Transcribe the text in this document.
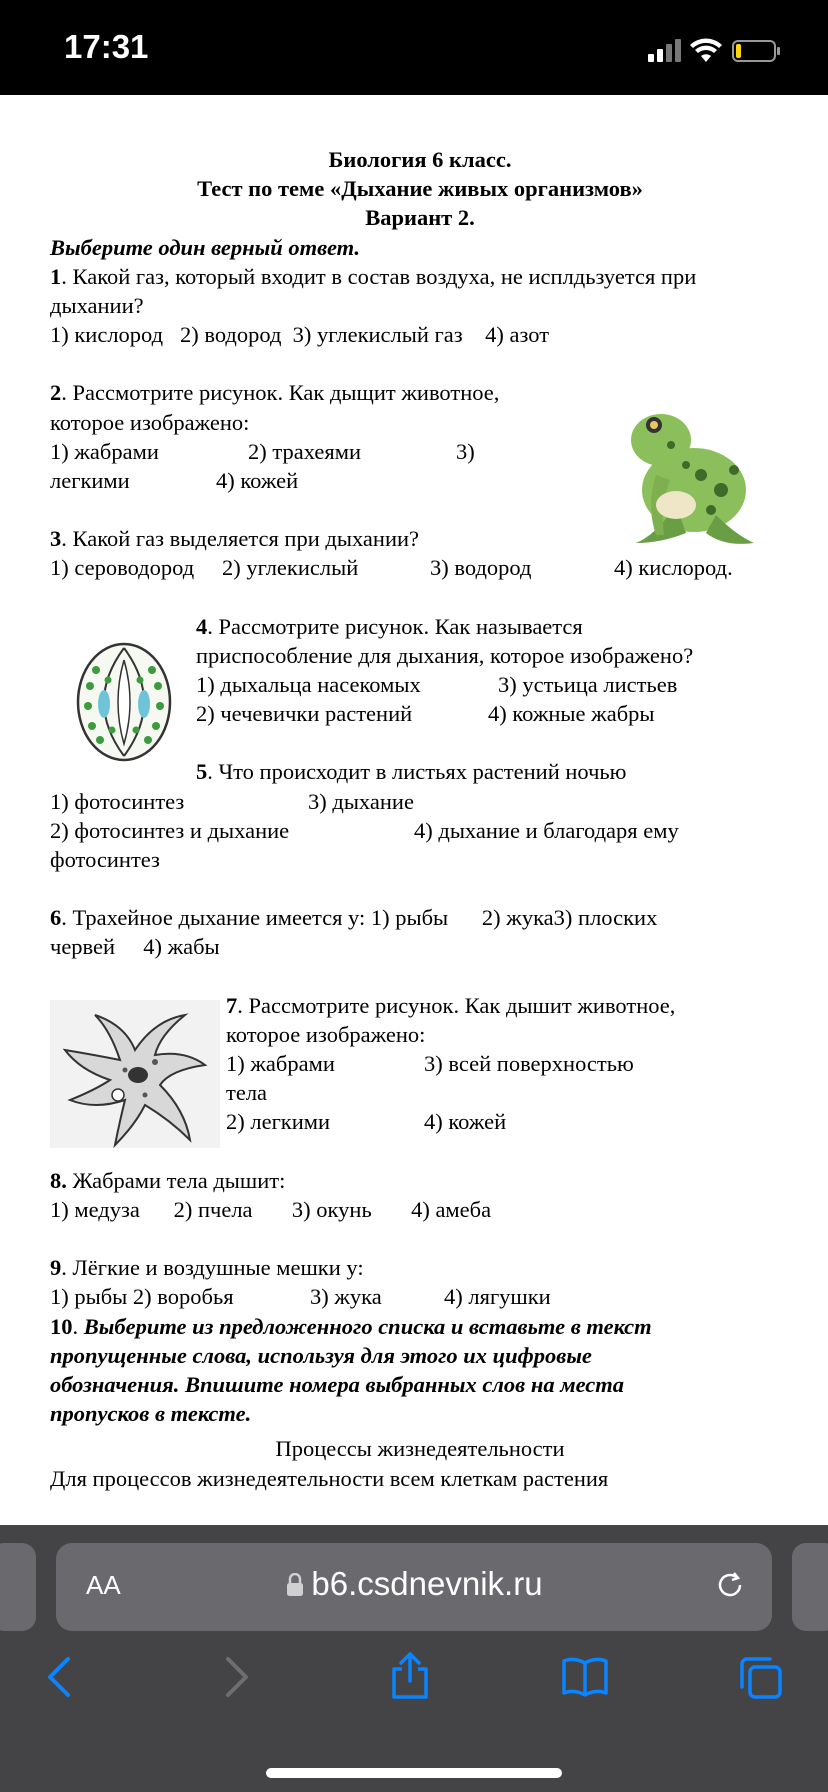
17:31

Биология 6 класс.

Тест по теме «Дыхание живых организмов»

Вариант 2.

Выберите один верный ответ.

1. Какой газ, который входит в состав воздуха, не исплдьзуется при дыхании?

1) кислород   2) водород  3) углекислый газ    4) азот

2. Рассмотрите рисунок. Как дыщит животное,

которое изображено:

1) жабрами	2) трахеями	3)

легкими	4) кожей

3. Какой газ выделяется при дыхании?

1) сероводород 2) углекислый	3) водород	4) кислород.

4. Рассмотрите рисунок. Как называется

приспособление для дыхания, которое изображено?

1) дыхальца насекомых	3) устьица листьев

2) чечевички растений	4) кожные жабры

5. Что происходит в листьях растений ночью

1) фотосинтез	3) дыхание

2) фотосинтез и дыхание	4) дыхание и благодаря ему

фотосинтез

6. Трахейное дыхание имеется у: 1) рыбы      2) жука3) плоских

червей     4) жабы

7. Рассмотрите рисунок. Как дышит животное,

которое изображено:

1) жабрами	3) всей поверхностью

тела

2) легкими	4) кожей

8. Жабрами тела дышит:

1) медуза      2) пчела       3) окунь       4) амеба

9. Лёгкие и воздушные мешки у:

1) рыбы 2) воробья	3) жука	4) лягушки

10. Выберите из предложенного списка и вставьте в текст

пропущенные слова, используя для этого их цифровые

обозначения. Впишите номера выбранных слов на места

пропусков в тексте.

Процессы жизнедеятельности

Для процессов жизнедеятельности всем клеткам растения

AA	b6.csdnevnik.ru
